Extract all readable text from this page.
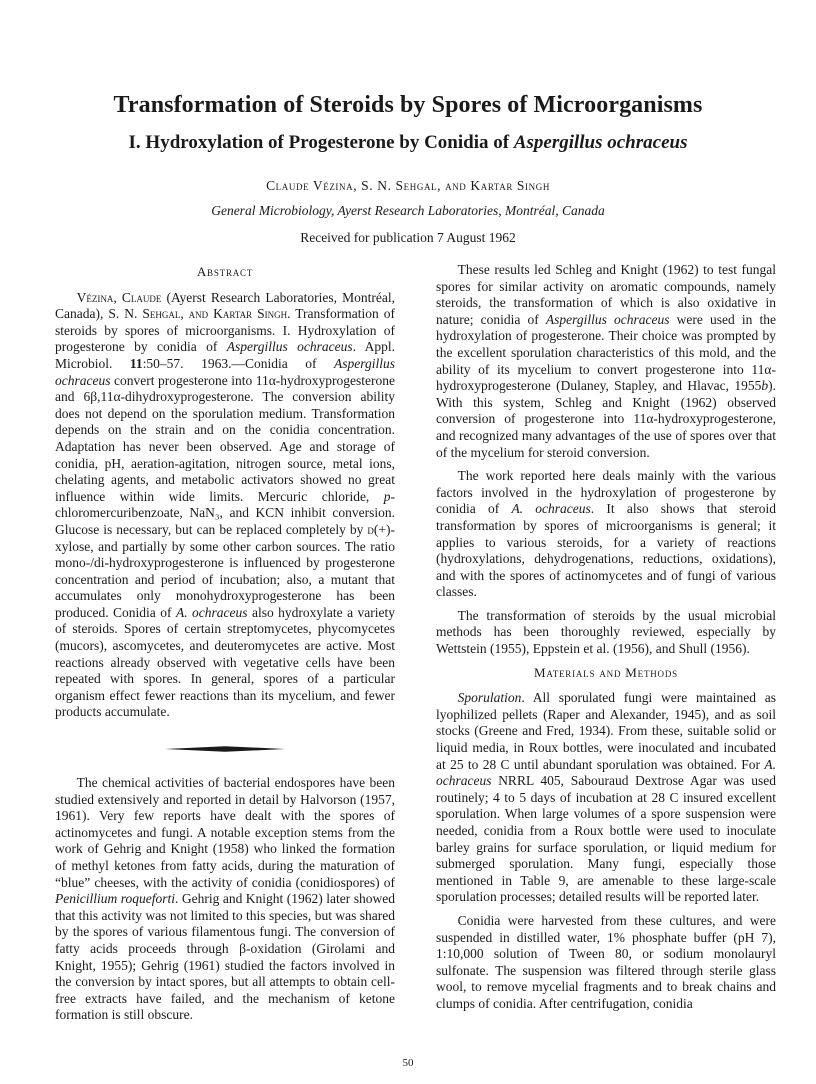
Transformation of Steroids by Spores of Microorganisms
I. Hydroxylation of Progesterone by Conidia of Aspergillus ochraceus
Claude Vézina, S. N. Sehgal, and Kartar Singh
General Microbiology, Ayerst Research Laboratories, Montréal, Canada
Received for publication 7 August 1962
Abstract

Vézina, Claude (Ayerst Research Laboratories, Montréal, Canada), S. N. Sehgal, and Kartar Singh. Transformation of steroids by spores of microorganisms. I. Hydroxylation of progesterone by conidia of Aspergillus ochraceus. Appl. Microbiol. 11:50–57. 1963.—Conidia of Aspergillus ochraceus convert progesterone into 11α-hydroxyprogesterone and 6β,11α-dihydroxyprogesterone. The conversion ability does not depend on the sporulation medium. Transformation depends on the strain and on the conidia concentration. Adaptation has never been observed. Age and storage of conidia, pH, aeration-agitation, nitrogen source, metal ions, chelating agents, and metabolic activators showed no great influence within wide limits. Mercuric chloride, p-chloromercuribenzoate, NaN₃, and KCN inhibit conversion. Glucose is necessary, but can be replaced completely by d(+)-xylose, and partially by some other carbon sources. The ratio mono-/di-hydroxyprogesterone is influenced by progesterone concentration and period of incubation; also, a mutant that accumulates only monohydroxyprogesterone has been produced. Conidia of A. ochraceus also hydroxylate a variety of steroids. Spores of certain streptomycetes, phycomycetes (mucors), ascomycetes, and deuteromycetes are active. Most reactions already observed with vegetative cells have been repeated with spores. In general, spores of a particular organism effect fewer reactions than its mycelium, and fewer products accumulate.

The chemical activities of bacterial endospores have been studied extensively and reported in detail by Halvorson (1957, 1961). Very few reports have dealt with the spores of actinomycetes and fungi. A notable exception stems from the work of Gehrig and Knight (1958) who linked the formation of methyl ketones from fatty acids, during the maturation of “blue” cheeses, with the activity of conidia (conidiospores) of Penicillium roqueforti. Gehrig and Knight (1962) later showed that this activity was not limited to this species, but was shared by the spores of various filamentous fungi. The conversion of fatty acids proceeds through β-oxidation (Girolami and Knight, 1955); Gehrig (1961) studied the factors involved in the conversion by intact spores, but all attempts to obtain cell-free extracts have failed, and the mechanism of ketone formation is still obscure.

These results led Schleg and Knight (1962) to test fungal spores for similar activity on aromatic compounds, namely steroids, the transformation of which is also oxidative in nature; conidia of Aspergillus ochraceus were used in the hydroxylation of progesterone. Their choice was prompted by the excellent sporulation characteristics of this mold, and the ability of its mycelium to convert progesterone into 11α-hydroxyprogesterone (Dulaney, Stapley, and Hlavac, 1955b). With this system, Schleg and Knight (1962) observed conversion of progesterone into 11α-hydroxyprogesterone, and recognized many advantages of the use of spores over that of the mycelium for steroid conversion.

The work reported here deals mainly with the various factors involved in the hydroxylation of progesterone by conidia of A. ochraceus. It also shows that steroid transformation by spores of microorganisms is general; it applies to various steroids, for a variety of reactions (hydroxylations, dehydrogenations, reductions, oxidations), and with the spores of actinomycetes and of fungi of various classes.

The transformation of steroids by the usual microbial methods has been thoroughly reviewed, especially by Wettstein (1955), Eppstein et al. (1956), and Shull (1956).

Materials and Methods

Sporulation. All sporulated fungi were maintained as lyophilized pellets (Raper and Alexander, 1945), and as soil stocks (Greene and Fred, 1934). From these, suitable solid or liquid media, in Roux bottles, were inoculated and incubated at 25 to 28 C until abundant sporulation was obtained. For A. ochraceus NRRL 405, Sabouraud Dextrose Agar was used routinely; 4 to 5 days of incubation at 28 C insured excellent sporulation. When large volumes of a spore suspension were needed, conidia from a Roux bottle were used to inoculate barley grains for surface sporulation, or liquid medium for submerged sporulation. Many fungi, especially those mentioned in Table 9, are amenable to these large-scale sporulation processes; detailed results will be reported later.

Conidia were harvested from these cultures, and were suspended in distilled water, 1% phosphate buffer (pH 7), 1:10,000 solution of Tween 80, or sodium monolauryl sulfonate. The suspension was filtered through sterile glass wool, to remove mycelial fragments and to break chains and clumps of conidia. After centrifugation, conidia

50
